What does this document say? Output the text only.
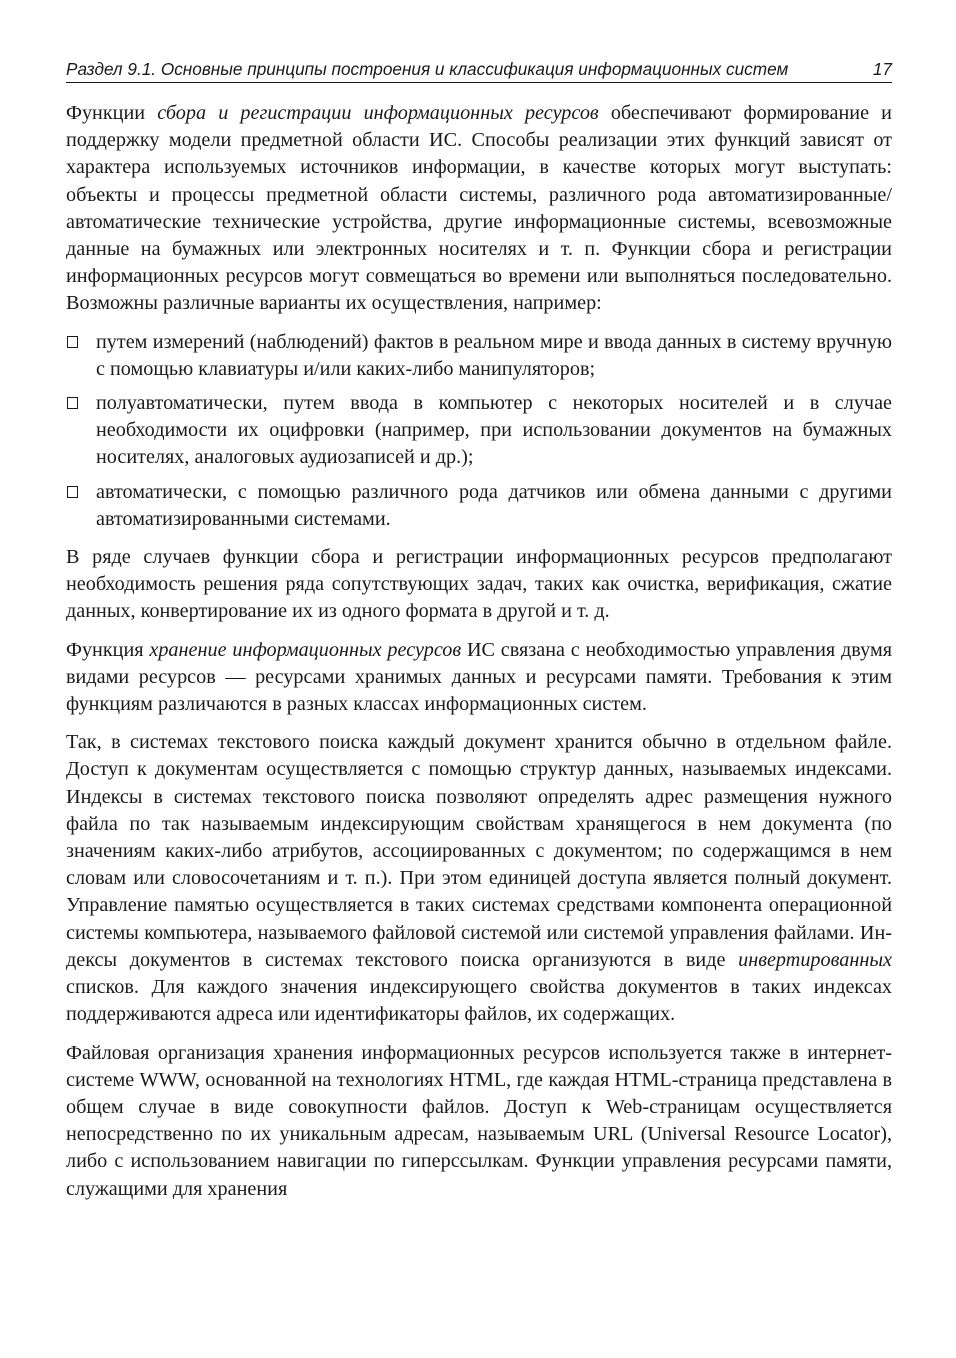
Раздел 9.1. Основные принципы построения и классификация информационных систем	17

Функции сбора и регистрации информационных ресурсов обеспечивают формирование и поддержку модели предметной области ИС. Способы реализации этих функций зависят от характера используемых источников информации, в качестве которых могут выступать: объекты и процессы предметной области системы, различного рода автоматизированные/автоматические технические устройства, другие информационные системы, всевозможные данные на бумажных или электронных носителях и т. п. Функции сбора и регистрации информационных ресурсов могут совмещаться во времени или выполняться последовательно. Возможны различные варианты их осуществления, например:

путем измерений (наблюдений) фактов в реальном мире и ввода данных в систему вручную с помощью клавиатуры и/или каких-либо манипуляторов;
полуавтоматически, путем ввода в компьютер с некоторых носителей и в случае необходимости их оцифровки (например, при использовании документов на бумажных носителях, аналоговых аудиозаписей и др.);
автоматически, с помощью различного рода датчиков или обмена данными с другими автоматизированными системами.

В ряде случаев функции сбора и регистрации информационных ресурсов предполагают необходимость решения ряда сопутствующих задач, таких как очистка, верификация, сжатие данных, конвертирование их из одного формата в другой и т. д.

Функция хранение информационных ресурсов ИС связана с необходимостью управления двумя видами ресурсов — ресурсами хранимых данных и ресурсами памяти. Требования к этим функциям различаются в разных классах информационных систем.

Так, в системах текстового поиска каждый документ хранится обычно в отдельном файле. Доступ к документам осуществляется с помощью структур данных, называемых индексами. Индексы в системах текстового поиска позволяют определять адрес размещения нужного файла по так называемым индексирующим свойствам хранящегося в нем документа (по значениям каких-либо атрибутов, ассоциированных с документом; по содержащимся в нем словам или словосочетаниям и т. п.). При этом единицей доступа является полный документ. Управление памятью осуществляется в таких системах средствами компонента операционной системы компьютера, называемого файловой системой или системой управления файлами. Индексы документов в системах текстового поиска организуются в виде инвертированных списков. Для каждого значения индексирующего свойства документов в таких индексах поддерживаются адреса или идентификаторы файлов, их содержащих.

Файловая организация хранения информационных ресурсов используется также в интернет-системе WWW, основанной на технологиях HTML, где каждая HTML-страница представлена в общем случае в виде совокупности файлов. Доступ к Web-страницам осуществляется непосредственно по их уникальным адресам, называемым URL (Universal Resource Locator), либо с использованием навигации по гиперссылкам. Функции управления ресурсами памяти, служащими для хранения
